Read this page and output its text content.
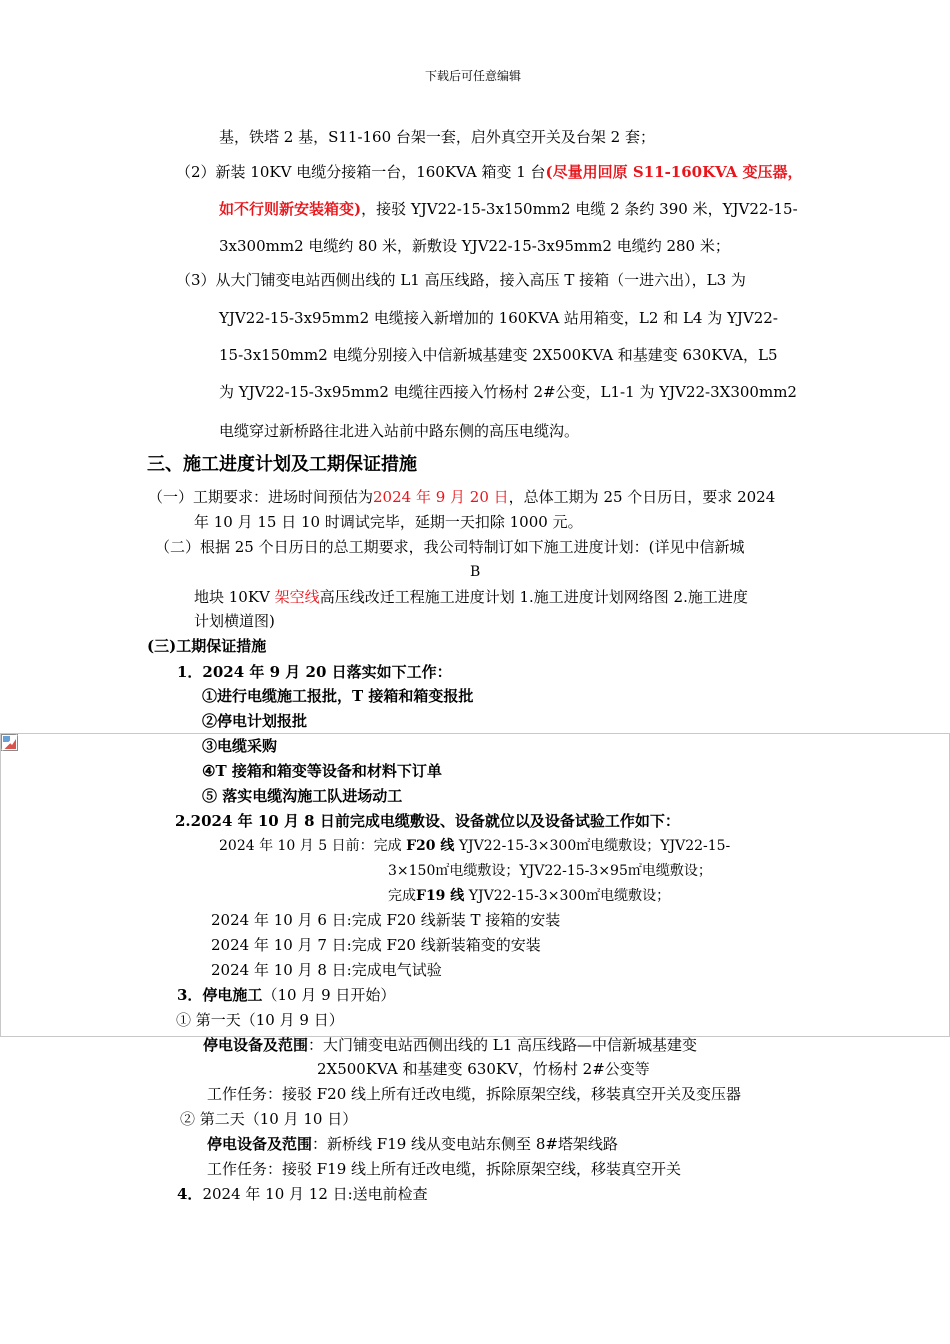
下载后可任意编辑
基，铁塔 2 基，S11-160 台架一套，启外真空开关及台架 2 套；
（2）新装 10KV 电缆分接箱一台，160KVA 箱变 1 台(尽量用回原 S11-160KVA 变压器，
如不行则新安装箱变)，接驳 YJV22-15-3x150mm2 电缆 2 条约 390 米，YJV22-15-
3x300mm2 电缆约 80 米，新敷设 YJV22-15-3x95mm2 电缆约 280 米；
（3）从大门铺变电站西侧出线的 L1 高压线路，接入高压 T 接箱（一进六出），L3 为
YJV22-15-3x95mm2 电缆接入新增加的 160KVA 站用箱变，L2 和 L4 为 YJV22-
15-3x150mm2 电缆分别接入中信新城基建变 2X500KVA 和基建变 630KVA，L5
为 YJV22-15-3x95mm2 电缆往西接入竹杨村 2#公变，L1-1 为 YJV22-3X300mm2
电缆穿过新桥路往北进入站前中路东侧的高压电缆沟。
三、施工进度计划及工期保证措施
（一）工期要求：进场时间预估为2024 年 9 月 20 日，总体工期为 25 个日历日，要求 2024
年 10 月 15 日 10 时调试完毕，延期一天扣除 1000 元。
（二）根据 25 个日历日的总工期要求，我公司特制订如下施工进度计划：(详见中信新城
B
地块 10KV 架空线高压线改迁工程施工进度计划 1.施工进度计划网络图 2.施工进度
计划横道图)
(三)工期保证措施
1．2024 年 9 月 20 日落实如下工作：
①进行电缆施工报批，T 接箱和箱变报批
②停电计划报批
③电缆采购
④T 接箱和箱变等设备和材料下订单
⑤ 落实电缆沟施工队进场动工
2.2024 年 10 月 8 日前完成电缆敷设、设备就位以及设备试验工作如下：
2024 年 10 月 5 日前：完成 F20 线 YJV22-15-3×300㎡电缆敷设；YJV22-15-
3×150㎡电缆敷设；YJV22-15-3×95㎡电缆敷设；
完成F19 线 YJV22-15-3×300㎡电缆敷设；
2024 年 10 月 6 日:完成 F20 线新装 T 接箱的安装
2024 年 10 月 7 日:完成 F20 线新装箱变的安装
2024 年 10 月 8 日:完成电气试验
3．停电施工（10 月 9 日开始）
① 第一天（10 月 9 日）
停电设备及范围：大门铺变电站西侧出线的 L1 高压线路—中信新城基建变
2X500KVA 和基建变 630KV，竹杨村 2#公变等
工作任务：接驳 F20 线上所有迁改电缆，拆除原架空线，移装真空开关及变压器
② 第二天（10 月 10 日）
停电设备及范围：新桥线 F19 线从变电站东侧至 8#塔架线路
工作任务：接驳 F19 线上所有迁改电缆，拆除原架空线，移装真空开关
4．2024 年 10 月 12 日:送电前检查
